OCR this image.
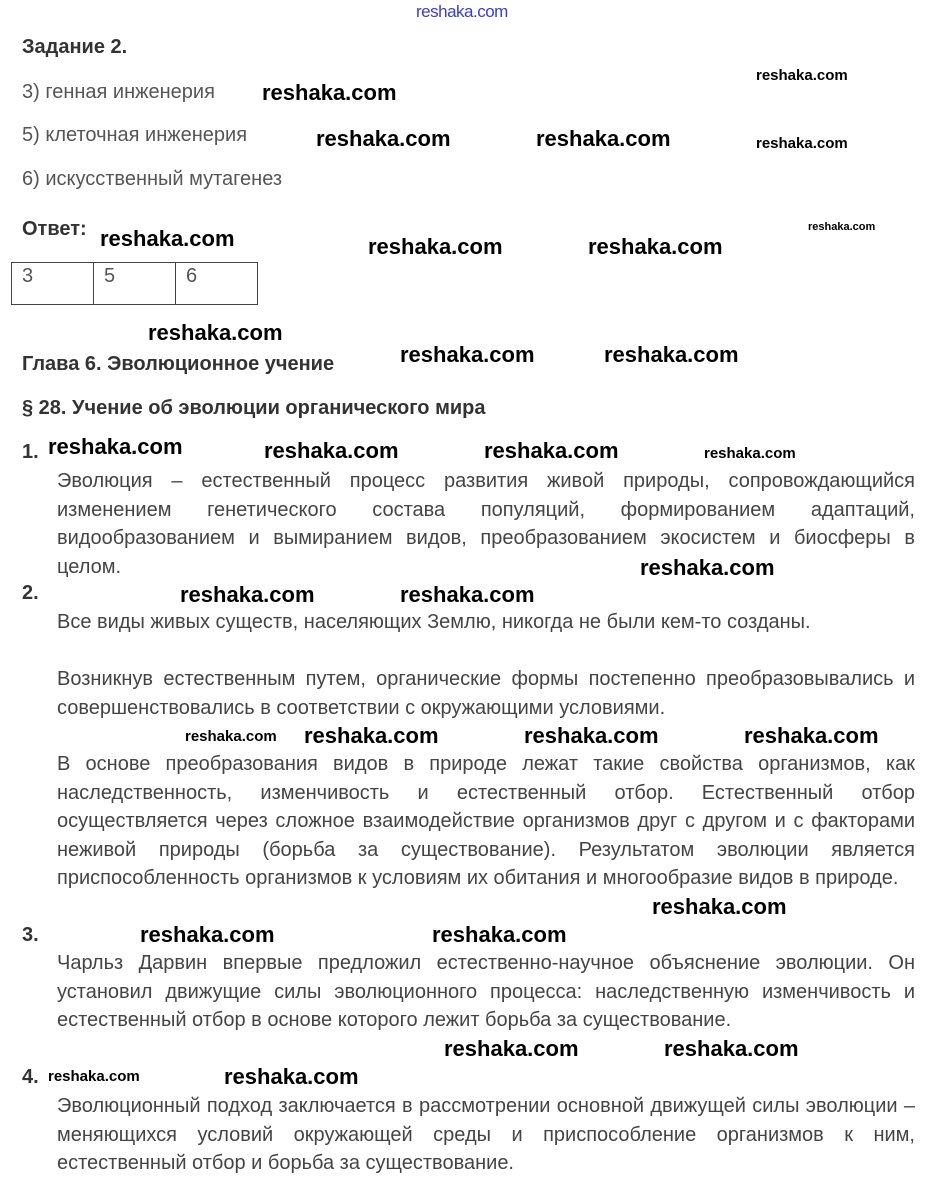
reshaka.com
Задание 2.
3) генная инженерия
5) клеточная инженерия
6) искусственный мутагенез
Ответ:
3	5	6
Глава 6. Эволюционное учение
§ 28. Учение об эволюции органического мира
1.

Эволюция – естественный процесс развития живой природы, сопровождающийся изменением генетического состава популяций, формированием адаптаций, видообразованием и вымиранием видов, преобразованием экосистем и биосферы в целом.

2.

Все виды живых существ, населяющих Землю, никогда не были кем-то созданы.

Возникнув естественным путем, органические формы постепенно преобразовывались и совершенствовались в соответствии с окружающими условиями.

В основе преобразования видов в природе лежат такие свойства организмов, как наследственность, изменчивость и естественный отбор. Естественный отбор осуществляется через сложное взаимодействие организмов друг с другом и с факторами неживой природы (борьба за существование). Результатом эволюции является приспособленность организмов к условиям их обитания и многообразие видов в природе.

3.

Чарльз Дарвин впервые предложил естественно-научное объяснение эволюции. Он установил движущие силы эволюционного процесса: наследственную изменчивость и естественный отбор в основе которого лежит борьба за существование.

4.

Эволюционный подход заключается в рассмотрении основной движущей силы эволюции – меняющихся условий окружающей среды и приспособление организмов к ним, естественный отбор и борьба за существование.

reshaka.com
reshaka.com	reshaka.com
reshaka.com	reshaka.com	reshaka.com
reshaka.com
reshaka.com	reshaka.com
reshaka.com	reshaka.com	reshaka.com
reshaka.com
reshaka.com	reshaka.com
reshaka.com	reshaka.com	reshaka.com
reshaka.com
reshaka.com	reshaka.com
reshaka.com	reshaka.com
reshaka.com
reshaka.com
reshaka.com
reshaka.com
reshaka.com
reshaka.com
reshaka.com
